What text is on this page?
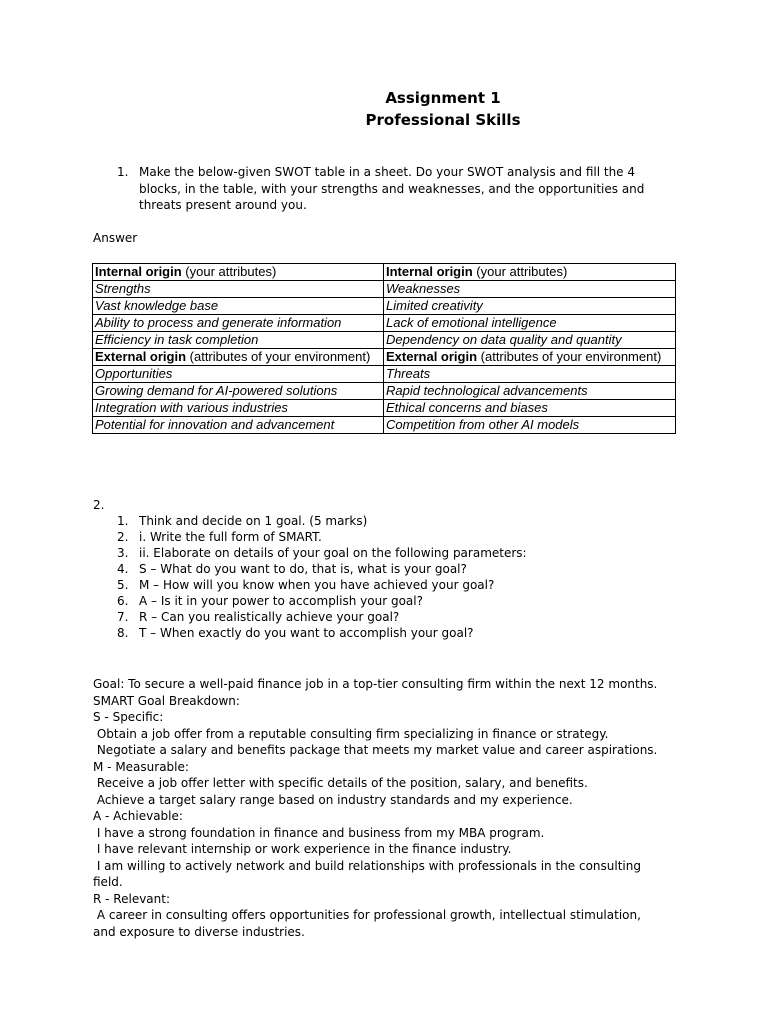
Assignment 1
Professional Skills
1. Make the below-given SWOT table in a sheet. Do your SWOT analysis and fill the 4 blocks, in the table, with your strengths and weaknesses, and the opportunities and threats present around you.
Answer
Internal origin (your attributes)	Internal origin (your attributes)
Strengths	Weaknesses
Vast knowledge base	Limited creativity
Ability to process and generate information	Lack of emotional intelligence
Efficiency in task completion	Dependency on data quality and quantity
External origin (attributes of your environment)	External origin (attributes of your environment)
Opportunities	Threats
Growing demand for AI-powered solutions	Rapid technological advancements
Integration with various industries	Ethical concerns and biases
Potential for innovation and advancement	Competition from other AI models
2.
1. Think and decide on 1 goal. (5 marks)
2. i. Write the full form of SMART.
3. ii. Elaborate on details of your goal on the following parameters:
4. S – What do you want to do, that is, what is your goal?
5. M – How will you know when you have achieved your goal?
6. A – Is it in your power to accomplish your goal?
7. R – Can you realistically achieve your goal?
8. T – When exactly do you want to accomplish your goal?
Goal: To secure a well-paid finance job in a top-tier consulting firm within the next 12 months.
SMART Goal Breakdown:
S - Specific:
Obtain a job offer from a reputable consulting firm specializing in finance or strategy.
Negotiate a salary and benefits package that meets my market value and career aspirations.
M - Measurable:
Receive a job offer letter with specific details of the position, salary, and benefits.
Achieve a target salary range based on industry standards and my experience.
A - Achievable:
I have a strong foundation in finance and business from my MBA program.
I have relevant internship or work experience in the finance industry.
I am willing to actively network and build relationships with professionals in the consulting field.
R - Relevant:
A career in consulting offers opportunities for professional growth, intellectual stimulation, and exposure to diverse industries.
